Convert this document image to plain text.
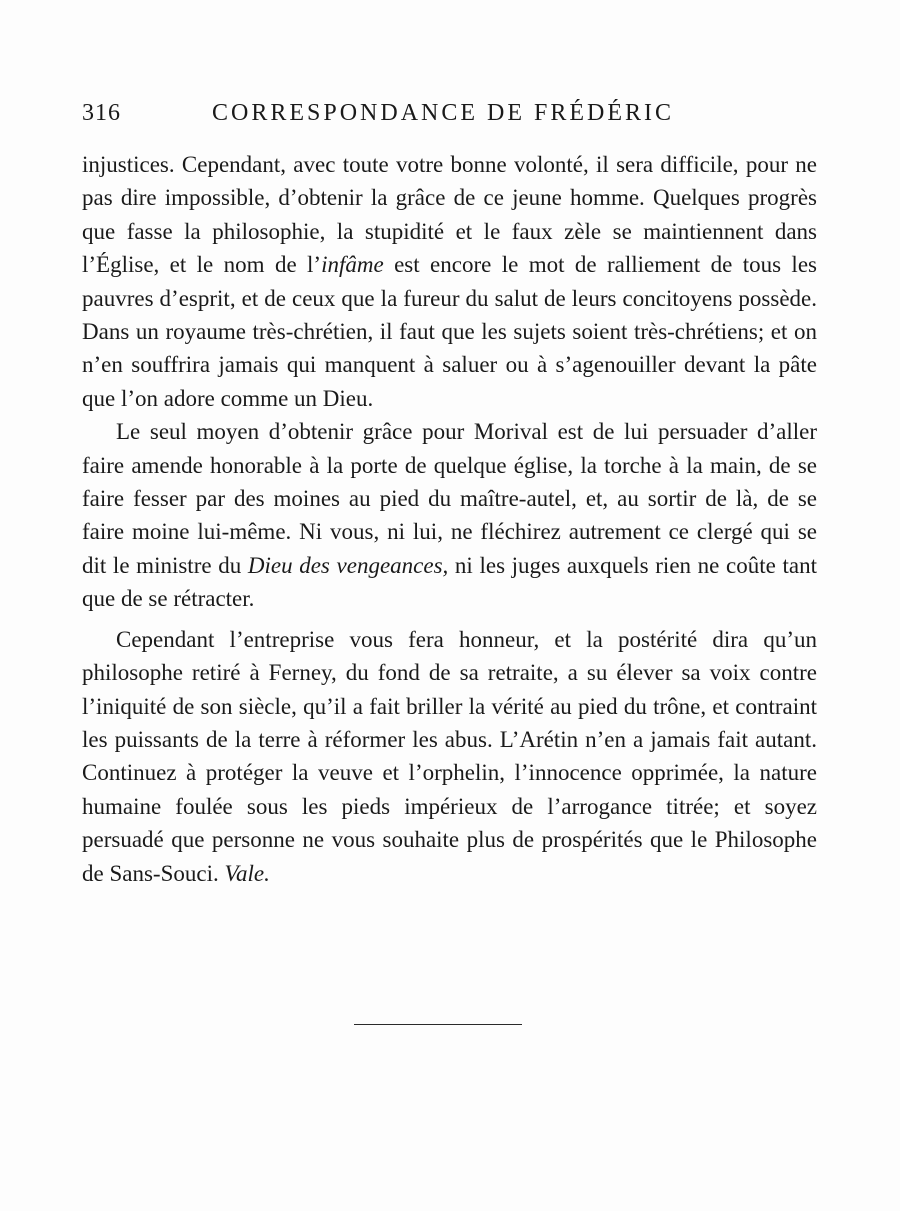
316	CORRESPONDANCE DE FRÉDÉRIC

injustices. Cependant, avec toute votre bonne volonté, il sera difficile, pour ne pas dire impossible, d’obtenir la grâce de ce jeune homme. Quelques progrès que fasse la philosophie, la stupidité et le faux zèle se maintiennent dans l’Église, et le nom de l’infâme est encore le mot de ralliement de tous les pauvres d’esprit, et de ceux que la fureur du salut de leurs concitoyens possède. Dans un royaume très-chrétien, il faut que les sujets soient très-chrétiens; et on n’en souffrira jamais qui manquent à saluer ou à s’agenouiller devant la pâte que l’on adore comme un Dieu.

Le seul moyen d’obtenir grâce pour Morival est de lui persuader d’aller faire amende honorable à la porte de quelque église, la torche à la main, de se faire fesser par des moines au pied du maître-autel, et, au sortir de là, de se faire moine lui-même. Ni vous, ni lui, ne fléchirez autrement ce clergé qui se dit le ministre du Dieu des vengeances, ni les juges auxquels rien ne coûte tant que de se rétracter.

Cependant l’entreprise vous fera honneur, et la postérité dira qu’un philosophe retiré à Ferney, du fond de sa retraite, a su élever sa voix contre l’iniquité de son siècle, qu’il a fait briller la vérité au pied du trône, et contraint les puissants de la terre à réformer les abus. L’Arétin n’en a jamais fait autant. Continuez à protéger la veuve et l’orphelin, l’innocence opprimée, la nature humaine foulée sous les pieds impérieux de l’arrogance titrée; et soyez persuadé que personne ne vous souhaite plus de prospérités que le Philosophe de Sans-Souci. Vale.
